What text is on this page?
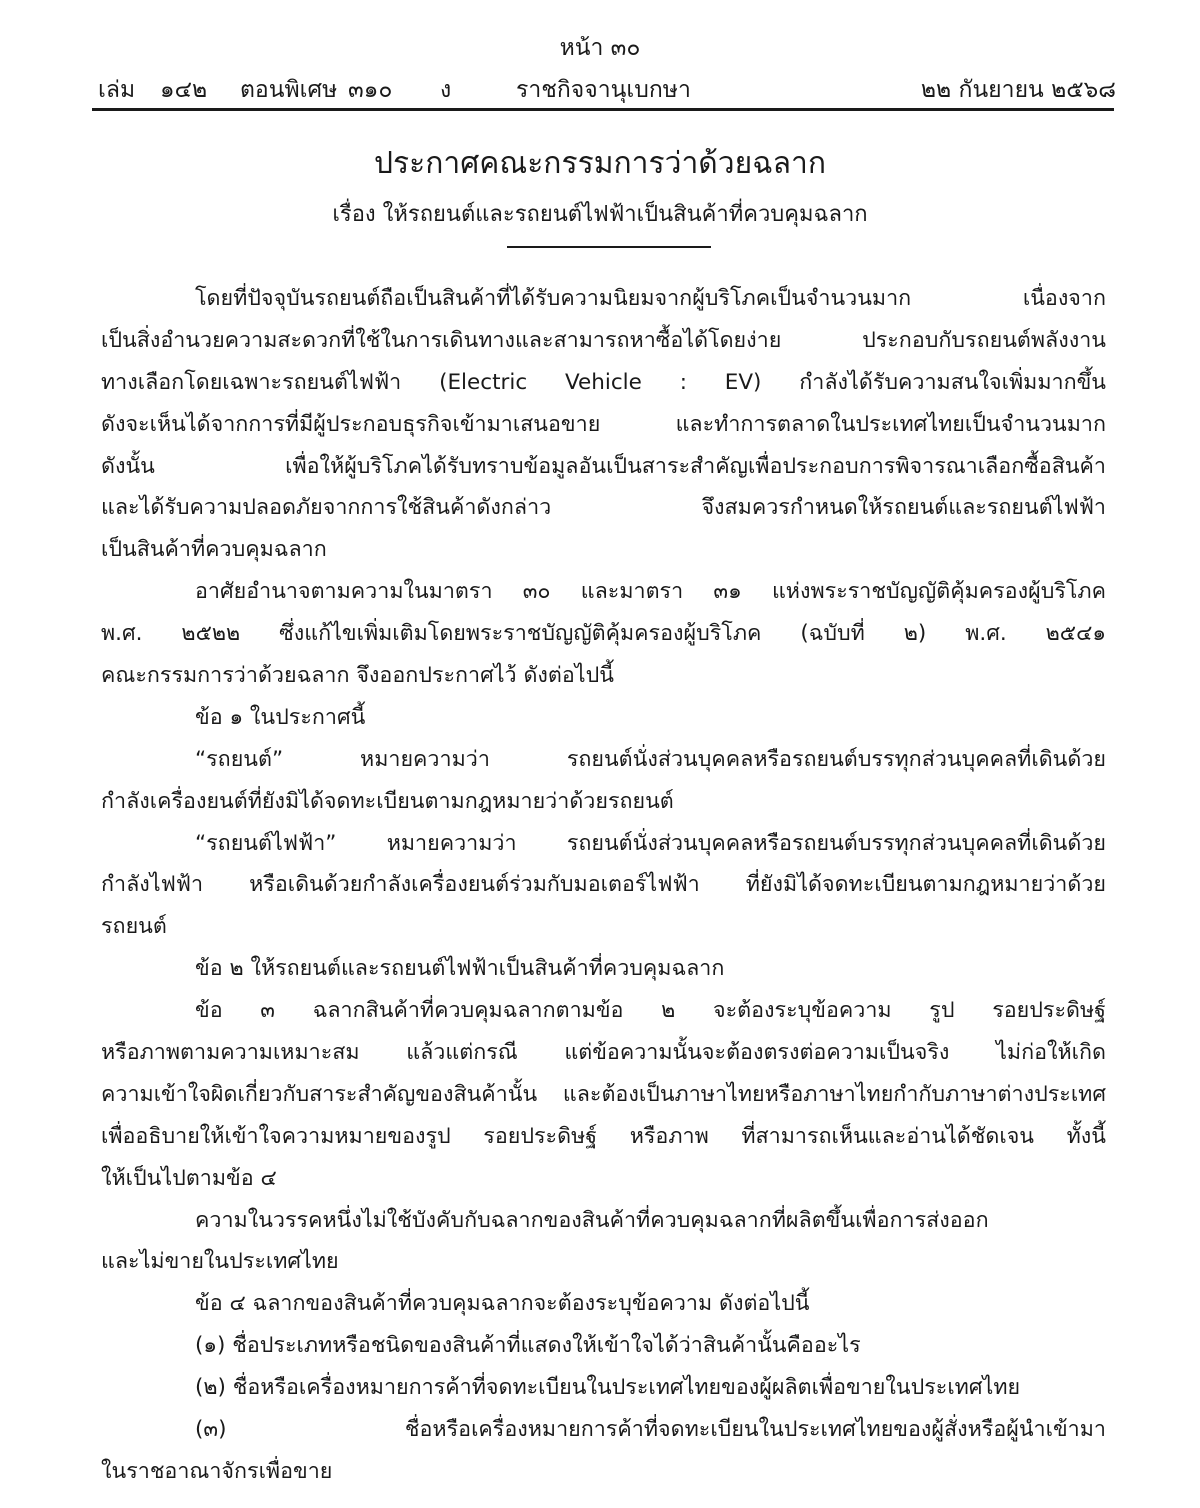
หน้า ๓๐
เล่ม ๑๔๒ ตอนพิเศษ ๓๑๐ ง	ราชกิจจานุเบกษา	๒๒ กันยายน ๒๕๖๘
ประกาศคณะกรรมการว่าด้วยฉลาก
เรื่อง ให้รถยนต์และรถยนต์ไฟฟ้าเป็นสินค้าที่ควบคุมฉลาก
โดยที่ปัจจุบันรถยนต์ถือเป็นสินค้าที่ได้รับความนิยมจากผู้บริโภคเป็นจำนวนมาก เนื่องจาก
เป็นสิ่งอำนวยความสะดวกที่ใช้ในการเดินทางและสามารถหาซื้อได้โดยง่าย ประกอบกับรถยนต์พลังงาน
ทางเลือกโดยเฉพาะรถยนต์ไฟฟ้า (Electric Vehicle : EV) กำลังได้รับความสนใจเพิ่มมากขึ้น
ดังจะเห็นได้จากการที่มีผู้ประกอบธุรกิจเข้ามาเสนอขาย และทำการตลาดในประเทศไทยเป็นจำนวนมาก
ดังนั้น เพื่อให้ผู้บริโภคได้รับทราบข้อมูลอันเป็นสาระสำคัญเพื่อประกอบการพิจารณาเลือกซื้อสินค้า
และได้รับความปลอดภัยจากการใช้สินค้าดังกล่าว จึงสมควรกำหนดให้รถยนต์และรถยนต์ไฟฟ้า
เป็นสินค้าที่ควบคุมฉลาก
อาศัยอำนาจตามความในมาตรา ๓๐ และมาตรา ๓๑ แห่งพระราชบัญญัติคุ้มครองผู้บริโภค
พ.ศ. ๒๕๒๒ ซึ่งแก้ไขเพิ่มเติมโดยพระราชบัญญัติคุ้มครองผู้บริโภค (ฉบับที่ ๒) พ.ศ. ๒๕๔๑
คณะกรรมการว่าด้วยฉลาก จึงออกประกาศไว้ ดังต่อไปนี้
ข้อ ๑ ในประกาศนี้
“รถยนต์” หมายความว่า รถยนต์นั่งส่วนบุคคลหรือรถยนต์บรรทุกส่วนบุคคลที่เดินด้วย
กำลังเครื่องยนต์ที่ยังมิได้จดทะเบียนตามกฎหมายว่าด้วยรถยนต์
“รถยนต์ไฟฟ้า” หมายความว่า รถยนต์นั่งส่วนบุคคลหรือรถยนต์บรรทุกส่วนบุคคลที่เดินด้วย
กำลังไฟฟ้า หรือเดินด้วยกำลังเครื่องยนต์ร่วมกับมอเตอร์ไฟฟ้า ที่ยังมิได้จดทะเบียนตามกฎหมายว่าด้วย
รถยนต์
ข้อ ๒ ให้รถยนต์และรถยนต์ไฟฟ้าเป็นสินค้าที่ควบคุมฉลาก
ข้อ ๓ ฉลากสินค้าที่ควบคุมฉลากตามข้อ ๒ จะต้องระบุข้อความ รูป รอยประดิษฐ์
หรือภาพตามความเหมาะสม แล้วแต่กรณี แต่ข้อความนั้นจะต้องตรงต่อความเป็นจริง ไม่ก่อให้เกิด
ความเข้าใจผิดเกี่ยวกับสาระสำคัญของสินค้านั้น และต้องเป็นภาษาไทยหรือภาษาไทยกำกับภาษาต่างประเทศ
เพื่ออธิบายให้เข้าใจความหมายของรูป รอยประดิษฐ์ หรือภาพ ที่สามารถเห็นและอ่านได้ชัดเจน ทั้งนี้
ให้เป็นไปตามข้อ ๔
ความในวรรคหนึ่งไม่ใช้บังคับกับฉลากของสินค้าที่ควบคุมฉลากที่ผลิตขึ้นเพื่อการส่งออก
และไม่ขายในประเทศไทย
ข้อ ๔ ฉลากของสินค้าที่ควบคุมฉลากจะต้องระบุข้อความ ดังต่อไปนี้
(๑) ชื่อประเภทหรือชนิดของสินค้าที่แสดงให้เข้าใจได้ว่าสินค้านั้นคืออะไร
(๒) ชื่อหรือเครื่องหมายการค้าที่จดทะเบียนในประเทศไทยของผู้ผลิตเพื่อขายในประเทศไทย
(๓) ชื่อหรือเครื่องหมายการค้าที่จดทะเบียนในประเทศไทยของผู้สั่งหรือผู้นำเข้ามา
ในราชอาณาจักรเพื่อขาย
